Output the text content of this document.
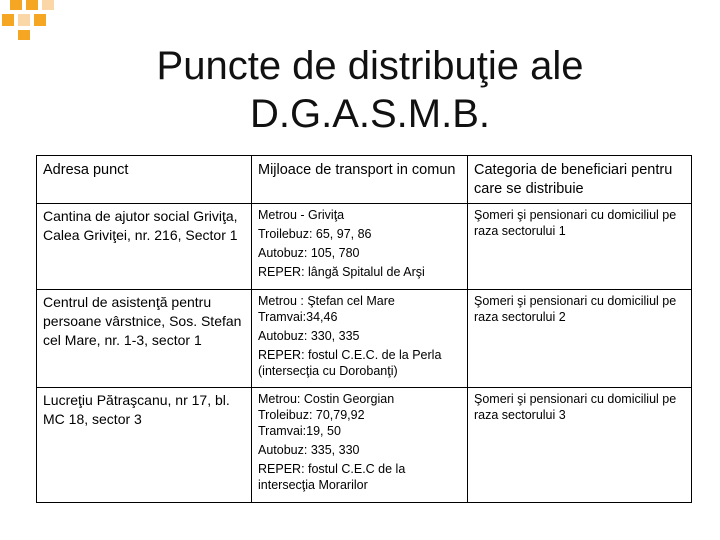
Puncte de distribuţie ale
D.G.A.S.M.B.
Adresa punct	Mijloace de transport in comun	Categoria de beneficiari pentru care se distribuie
Cantina de ajutor social Griviţa, Calea Griviţei, nr. 216, Sector 1	Metrou - Griviţa
Troilebuz: 65, 97, 86
Autobuz: 105, 780
REPER: lângă Spitalul de Arşi	Şomeri şi pensionari cu domiciliul pe raza sectorului 1
Centrul de asistenţă pentru persoane vârstnice, Sos. Stefan cel Mare, nr. 1-3, sector 1	Metrou : Ştefan cel Mare
Tramvai:34,46
Autobuz: 330, 335
REPER: fostul C.E.C. de la Perla (intersecţia cu Dorobanţi)	Şomeri şi pensionari cu domiciliul pe raza sectorului 2
Lucreţiu Pătraşcanu, nr 17, bl. MC 18, sector 3	Metrou: Costin Georgian
Troleibuz: 70,79,92
Tramvai:19, 50
Autobuz: 335, 330
REPER: fostul C.E.C de la intersecţia Morarilor	Şomeri şi pensionari cu domiciliul pe raza sectorului 3
